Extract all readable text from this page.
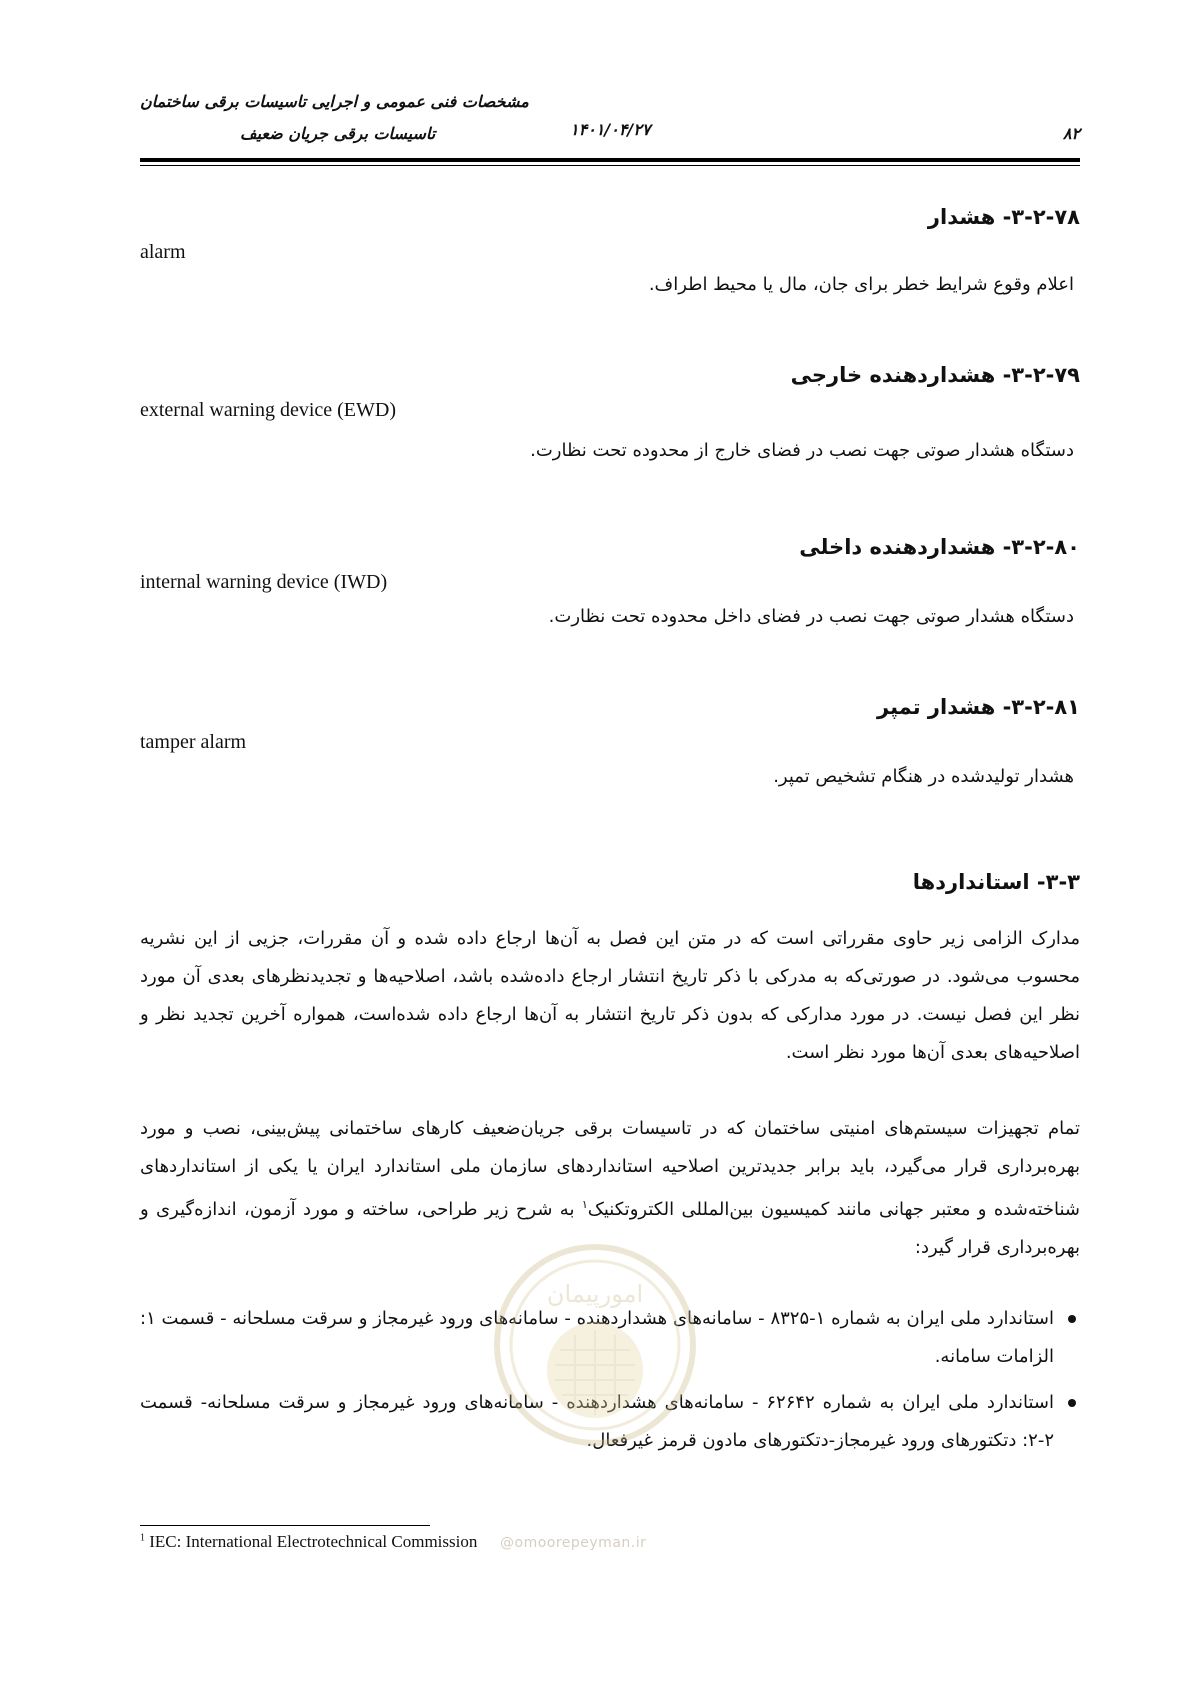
مشخصات فنی عمومی و اجرایی تاسیسات برقی ساختمان
تاسیسات برقی جریان ضعیف	۱۴۰۱/۰۴/۲۷	۸۲
۳-۲-۷۸- هشدار
alarm
اعلام وقوع شرایط خطر برای جان، مال یا محیط اطراف.
۳-۲-۷۹- هشداردهنده خارجی
external warning device (EWD)
دستگاه هشدار صوتی جهت نصب در فضای خارج از محدوده تحت نظارت.
۳-۲-۸۰- هشداردهنده داخلی
internal warning device (IWD)
دستگاه هشدار صوتی جهت نصب در فضای داخل محدوده تحت نظارت.
۳-۲-۸۱- هشدار تمپر
tamper alarm
هشدار تولیدشده در هنگام تشخیص تمپر.
۳-۳- استانداردها
مدارک الزامی زیر حاوی مقرراتی است که در متن این فصل به آن‌ها ارجاع داده شده و آن مقررات، جزیی از این نشریه محسوب می‌شود. در صورتی‌که به مدرکی با ذکر تاریخ انتشار ارجاع داده‌شده باشد، اصلاحیه‌ها و تجدیدنظرهای بعدی آن مورد نظر این فصل نیست. در مورد مدارکی که بدون ذکر تاریخ انتشار به آن‌ها ارجاع داده شده‌است، همواره آخرین تجدید نظر و اصلاحیه‌های بعدی آن‌ها مورد نظر است.
تمام تجهیزات سیستم‌های امنیتی ساختمان که در تاسیسات برقی جریان‌ضعیف کارهای ساختمانی پیش‌بینی، نصب و مورد بهره‌برداری قرار می‌گیرد، باید برابر جدیدترین اصلاحیه استانداردهای سازمان ملی استاندارد ایران یا یکی از استانداردهای شناخته‌شده و معتبر جهانی مانند کمیسیون بین‌المللی الکتروتکنیک$^۱$ به شرح زیر طراحی، ساخته و مورد آزمون، اندازه‌گیری و بهره‌برداری قرار گیرد:
استاندارد ملی ایران به شماره ۱-۸۳۲۵ - سامانه‌های هشداردهنده - سامانه‌های ورود غیرمجاز و سرقت مسلحانه - قسمت ۱: الزامات سامانه.
استاندارد ملی ایران به شماره ۶۲۶۴۲ - سامانه‌های هشداردهنده - سامانه‌های ورود غیرمجاز و سرقت مسلحانه- قسمت ۲-۲: دتکتورهای ورود غیرمجاز-دتکتورهای مادون قرمز غیرفعال.
امورپیمان
@omoorepeyman.ir
$^1$ IEC: International Electrotechnical Commission
